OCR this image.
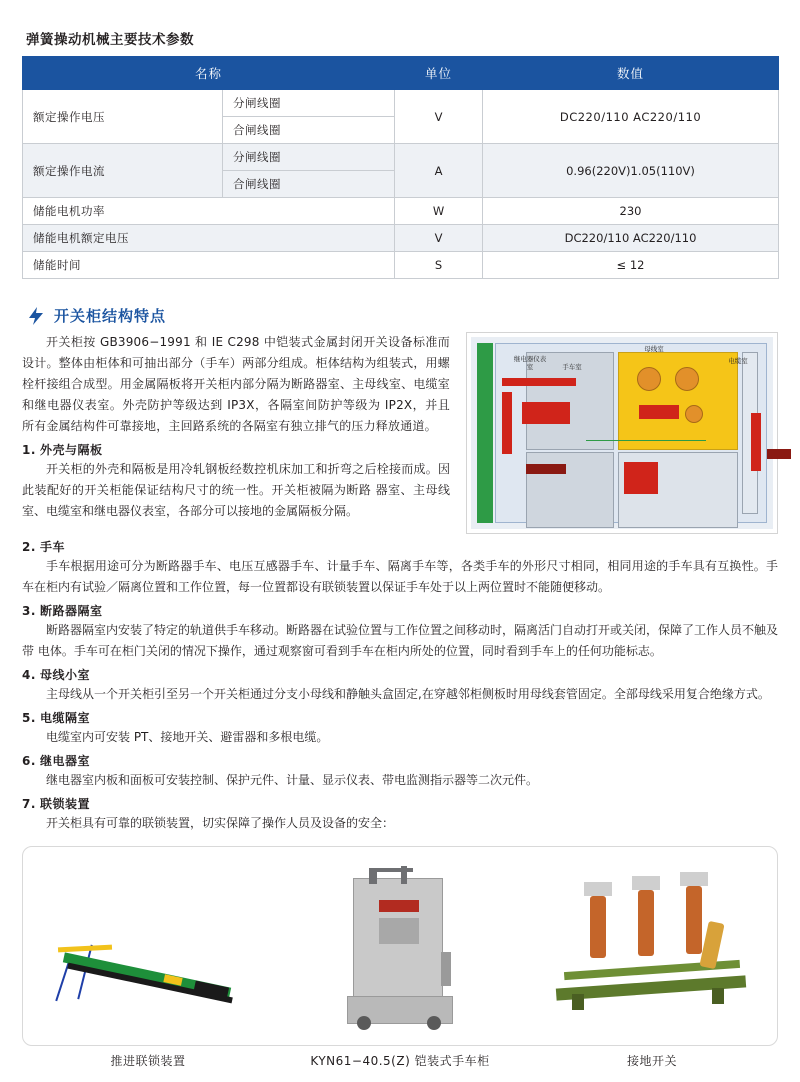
弹簧操动机械主要技术参数
名称		单位	数值
额定操作电压	分闸线圈	V	DC220/110 AC220/110
	合闸线圈		
额定操作电流	分闸线圈	A	0.96(220V)1.05(110V)
	合闸线圈		
储能电机功率		W	230
储能电机额定电压		V	DC220/110 AC220/110
储能时间		S	≤ 12
开关柜结构特点

开关柜按 GB3906−1991 和 IE C298 中铠装式金属封闭开关设备标准而设计。整体由柜体和可抽出部分（手车）两部分组成。柜体结构为组装式，用螺栓杆接组合成型。用金属隔板将开关柜内部分隔为断路器室、主母线室、电缆室和继电器仪表室。外壳防护等级达到 IP3X，各隔室间防护等级为 IP2X，并且所有金属结构件可靠接地，主回路系统的各隔室有独立排气的压力释放通道。

1. 外壳与隔板

开关柜的外壳和隔板是用冷轧钢板经数控机床加工和折弯之后栓接而成。因此装配好的开关柜能保证结构尺寸的统一性。开关柜被隔为断路 器室、主母线室、电缆室和继电器仪表室，各部分可以接地的金属隔板分隔。

继电器仪表室
母线室
手车室
电缆室
2. 手车

手车根据用途可分为断路器手车、电压互感器手车、计量手车、隔离手车等，各类手车的外形尺寸相同，相同用途的手车具有互换性。手 车在柜内有试验／隔离位置和工作位置，每一位置都设有联锁装置以保证手车处于以上两位置时不能随便移动。

3. 断路器隔室

断路器隔室内安装了特定的轨道供手车移动。断路器在试验位置与工作位置之间移动时，隔离活门自动打开或关闭，保障了工作人员不触及带 电体。手车可在柜门关闭的情况下操作，通过观察窗可看到手车在柜内所处的位置，同时看到手车上的任何功能标志。

4. 母线小室

主母线从一个开关柜引至另一个开关柜通过分支小母线和静触头盒固定,在穿越邻柜侧板时用母线套管固定。全部母线采用复合绝缘方式。

5. 电缆隔室

电缆室内可安装 PT、接地开关、避雷器和多根电缆。

6. 继电器室

继电器室内板和面板可安装控制、保护元件、计量、显示仪表、带电监测指示器等二次元件。

7. 联锁装置

开关柜具有可靠的联锁装置，切实保障了操作人员及设备的安全：

推进联锁装置	KYN61−40.5(Z) 铠装式手车柜	接地开关
